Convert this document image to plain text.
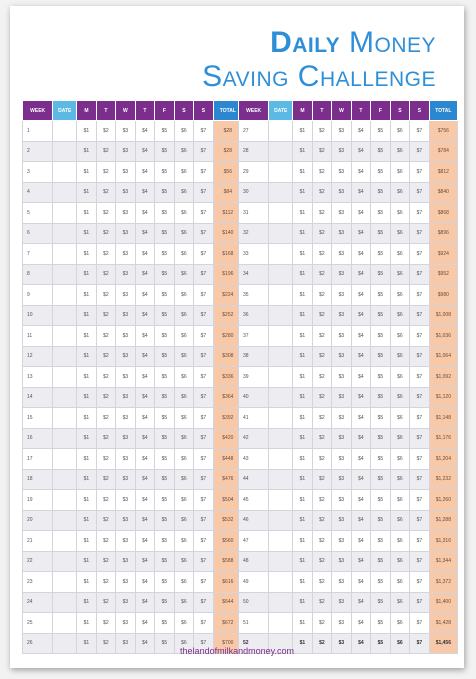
Daily Money
Saving Challenge
WEEK	DATE	M	T	W	T	F	S	S	TOTAL
1		$1	$2	$3	$4	$5	$6	$7	$28
2		$1	$2	$3	$4	$5	$6	$7	$28
3		$1	$2	$3	$4	$5	$6	$7	$56
4		$1	$2	$3	$4	$5	$6	$7	$84
5		$1	$2	$3	$4	$5	$6	$7	$112
6		$1	$2	$3	$4	$5	$6	$7	$140
7		$1	$2	$3	$4	$5	$6	$7	$168
8		$1	$2	$3	$4	$5	$6	$7	$196
9		$1	$2	$3	$4	$5	$6	$7	$224
10		$1	$2	$3	$4	$5	$6	$7	$252
11		$1	$2	$3	$4	$5	$6	$7	$280
12		$1	$2	$3	$4	$5	$6	$7	$308
13		$1	$2	$3	$4	$5	$6	$7	$336
14		$1	$2	$3	$4	$5	$6	$7	$364
15		$1	$2	$3	$4	$5	$6	$7	$392
16		$1	$2	$3	$4	$5	$6	$7	$420
17		$1	$2	$3	$4	$5	$6	$7	$448
18		$1	$2	$3	$4	$5	$6	$7	$476
19		$1	$2	$3	$4	$5	$6	$7	$504
20		$1	$2	$3	$4	$5	$6	$7	$532
21		$1	$2	$3	$4	$5	$6	$7	$560
22		$1	$2	$3	$4	$5	$6	$7	$588
23		$1	$2	$3	$4	$5	$6	$7	$616
24		$1	$2	$3	$4	$5	$6	$7	$644
25		$1	$2	$3	$4	$5	$6	$7	$672
26		$1	$2	$3	$4	$5	$6	$7	$700
WEEK	DATE	M	T	W	T	F	S	S	TOTAL
27		$1	$2	$3	$4	$5	$6	$7	$756
28		$1	$2	$3	$4	$5	$6	$7	$784
29		$1	$2	$3	$4	$5	$6	$7	$812
30		$1	$2	$3	$4	$5	$6	$7	$840
31		$1	$2	$3	$4	$5	$6	$7	$868
32		$1	$2	$3	$4	$5	$6	$7	$896
33		$1	$2	$3	$4	$5	$6	$7	$924
34		$1	$2	$3	$4	$5	$6	$7	$952
35		$1	$2	$3	$4	$5	$6	$7	$980
36		$1	$2	$3	$4	$5	$6	$7	$1,008
37		$1	$2	$3	$4	$5	$6	$7	$1,036
38		$1	$2	$3	$4	$5	$6	$7	$1,064
39		$1	$2	$3	$4	$5	$6	$7	$1,092
40		$1	$2	$3	$4	$5	$6	$7	$1,120
41		$1	$2	$3	$4	$5	$6	$7	$1,148
42		$1	$2	$3	$4	$5	$6	$7	$1,176
43		$1	$2	$3	$4	$5	$6	$7	$1,204
44		$1	$2	$3	$4	$5	$6	$7	$1,232
45		$1	$2	$3	$4	$5	$6	$7	$1,260
46		$1	$2	$3	$4	$5	$6	$7	$1,288
47		$1	$2	$3	$4	$5	$6	$7	$1,316
48		$1	$2	$3	$4	$5	$6	$7	$1,344
49		$1	$2	$3	$4	$5	$6	$7	$1,372
50		$1	$2	$3	$4	$5	$6	$7	$1,400
51		$1	$2	$3	$4	$5	$6	$7	$1,428
52		$1	$2	$3	$4	$5	$6	$7	$1,456
thelandofmilkandmoney.com
